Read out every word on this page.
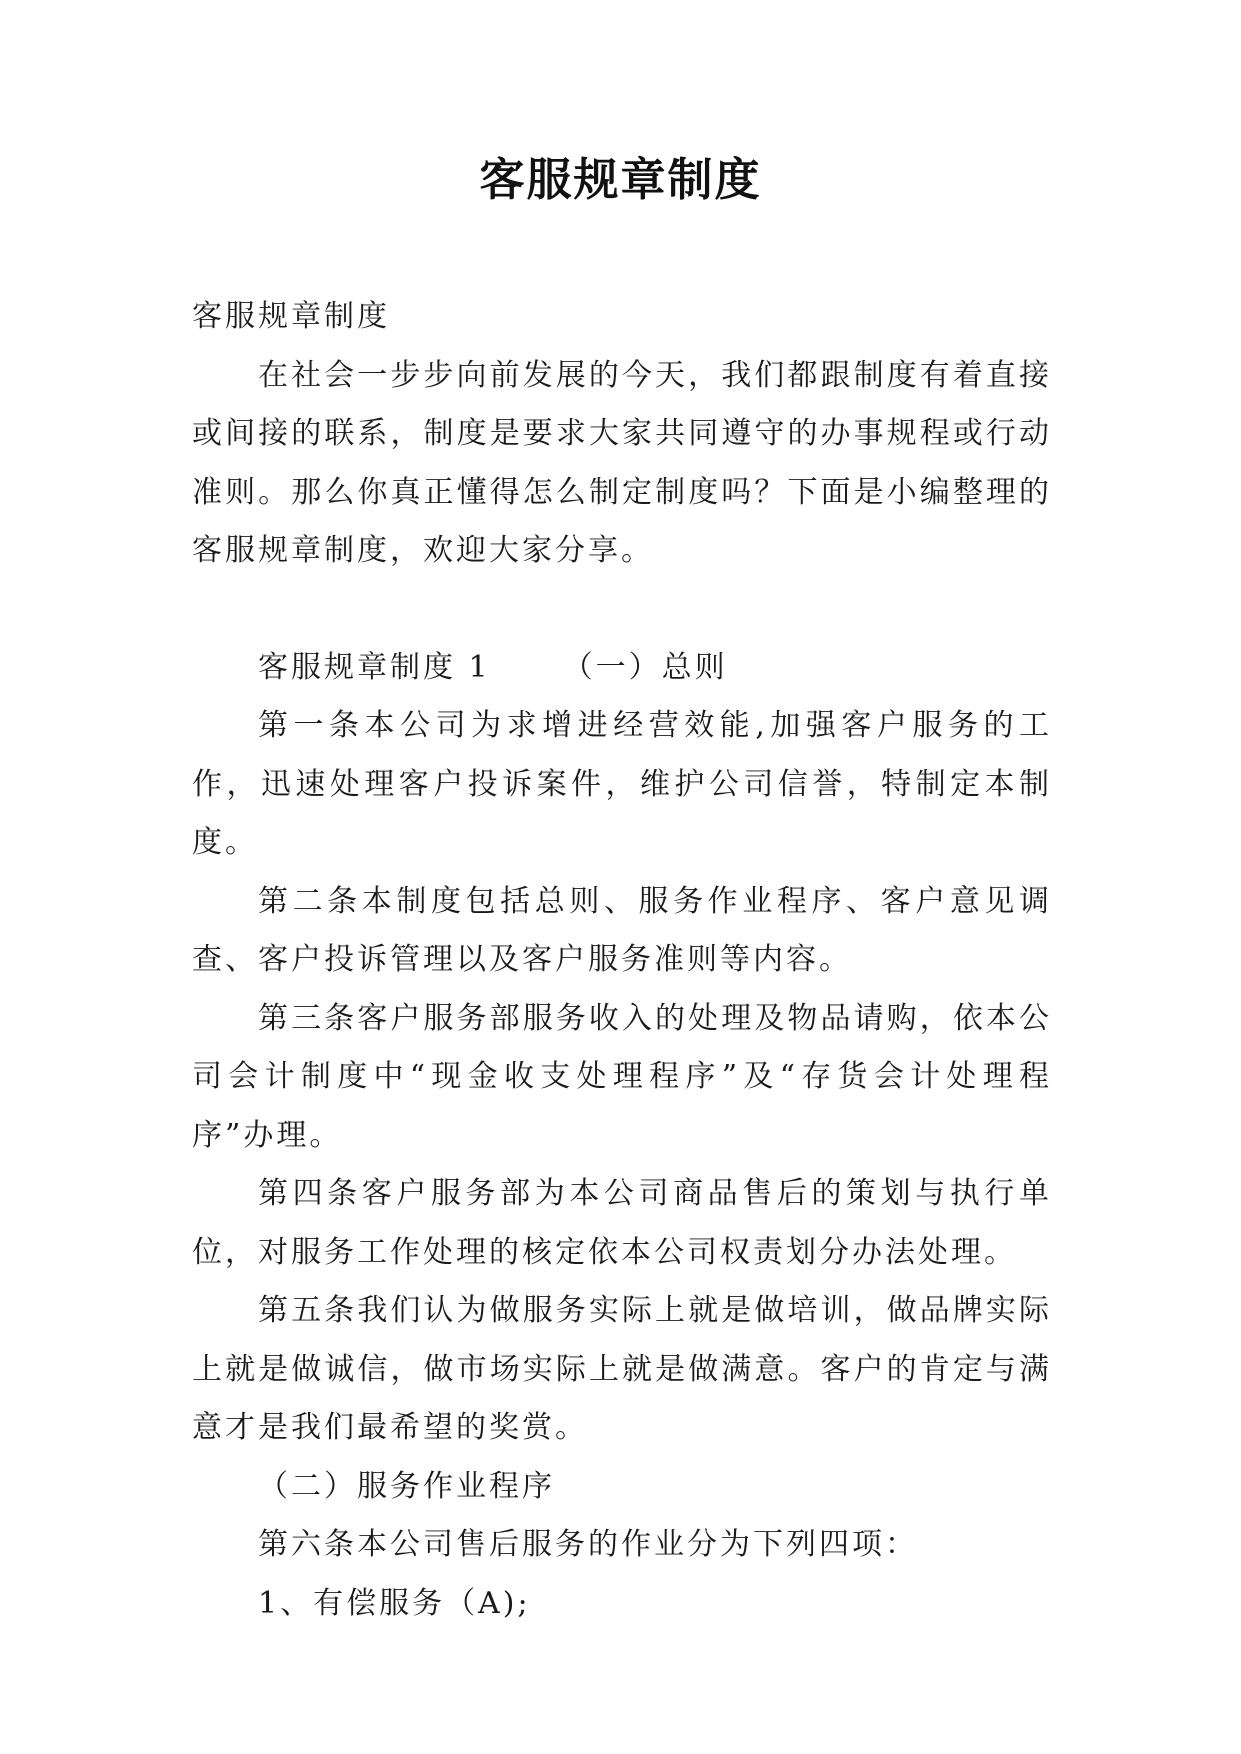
客服规章制度

客服规章制度

在社会一步步向前发展的今天，我们都跟制度有着直接或间接的联系，制度是要求大家共同遵守的办事规程或行动准则。那么你真正懂得怎么制定制度吗？下面是小编整理的客服规章制度，欢迎大家分享。

客服规章制度 1 （一）总则

第一条本公司为求增进经营效能,加强客户服务的工作，迅速处理客户投诉案件，维护公司信誉，特制定本制度。

第二条本制度包括总则、服务作业程序、客户意见调查、客户投诉管理以及客户服务准则等内容。

第三条客户服务部服务收入的处理及物品请购，依本公司会计制度中“现金收支处理程序”及“存货会计处理程序”办理。

第四条客户服务部为本公司商品售后的策划与执行单位，对服务工作处理的核定依本公司权责划分办法处理。

第五条我们认为做服务实际上就是做培训，做品牌实际上就是做诚信，做市场实际上就是做满意。客户的肯定与满意才是我们最希望的奖赏。

（二）服务作业程序

第六条本公司售后服务的作业分为下列四项：

1、有偿服务（A);
